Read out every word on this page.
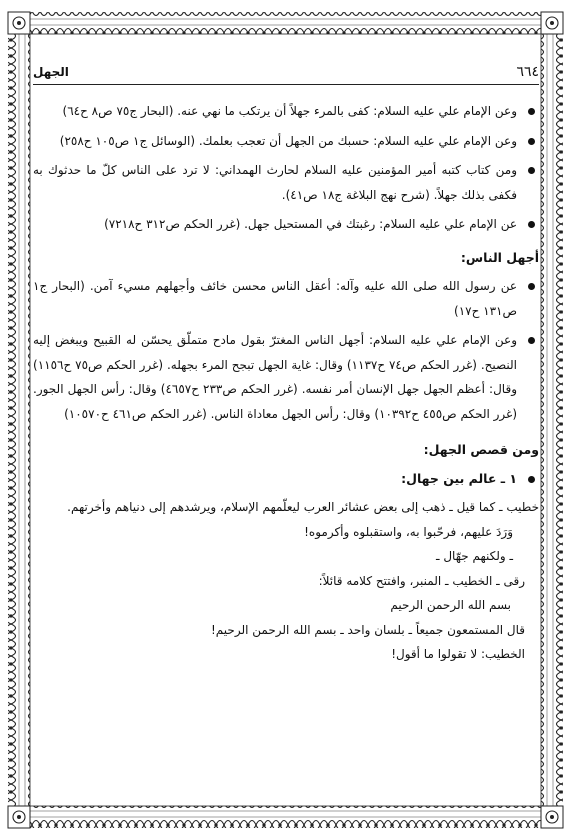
٦٦٤
الجهل
وعن الإمام علي عليه السلام: كفى بالمرء جهلاً أن يرتكب ما نهي عنه. (البحار ج٧٥ ص٨ ح٦٤)
وعن الإمام علي عليه السلام: حسبك من الجهل أن تعجب بعلمك. (الوسائل ج١ ص١٠٥ ح٢٥٨)
ومن كتاب كتبه أمير المؤمنين عليه السلام لحارث الهمداني: لا ترد على الناس كلّ ما حدثوك به فكفى بذلك جهلاً. (شرح نهج البلاغة ج١٨ ص٤١).
عن الإمام علي عليه السلام: رغبتك في المستحيل جهل. (غرر الحكم ص٣١٢ ح٧٢١٨)
أجهل الناس:
عن رسول الله صلى الله عليه وآله: أعقل الناس محسن خائف وأجهلهم مسيء آمن. (البحار ج١ ص١٣١ ح١٧)
وعن الإمام علي عليه السلام: أجهل الناس المغترّ بقول مادح متملّق يحسّن له القبيح ويبغض إليه النصيح. (غرر الحكم ص٧٤ ح١١٣٧) وقال: غاية الجهل تبجح المرء بجهله. (غرر الحكم ص٧٥ ح١١٥٦) وقال: أعظم الجهل جهل الإنسان أمر نفسه. (غرر الحكم ص٢٣٣ ح٤٦٥٧) وقال: رأس الجهل الجور. (غرر الحكم ص٤٥٥ ح١٠٣٩٢) وقال: رأس الجهل معاداة الناس. (غرر الحكم ص٤٦١ ح١٠٥٧٠)
ومن قصص الجهل:
١ ـ عالم بين جهال:
خطيب ـ كما قيل ـ ذهب إلى بعض عشائر العرب ليعلّمهم الإسلام، ويرشدهم إلى دنياهم وأخرتهم.
وَرَدَ عليهم، فرحّبوا به، واستقبلوه وأكرموه!
ـ ولكنهم جهّال ـ
رقى ـ الخطيب ـ المنبر، وافتتح كلامه قائلاً:
بسم الله الرحمن الرحيم
قال المستمعون جميعاً ـ بلسان واحد ـ بسم الله الرحمن الرحيم!
الخطيب: لا تقولوا ما أقول!
